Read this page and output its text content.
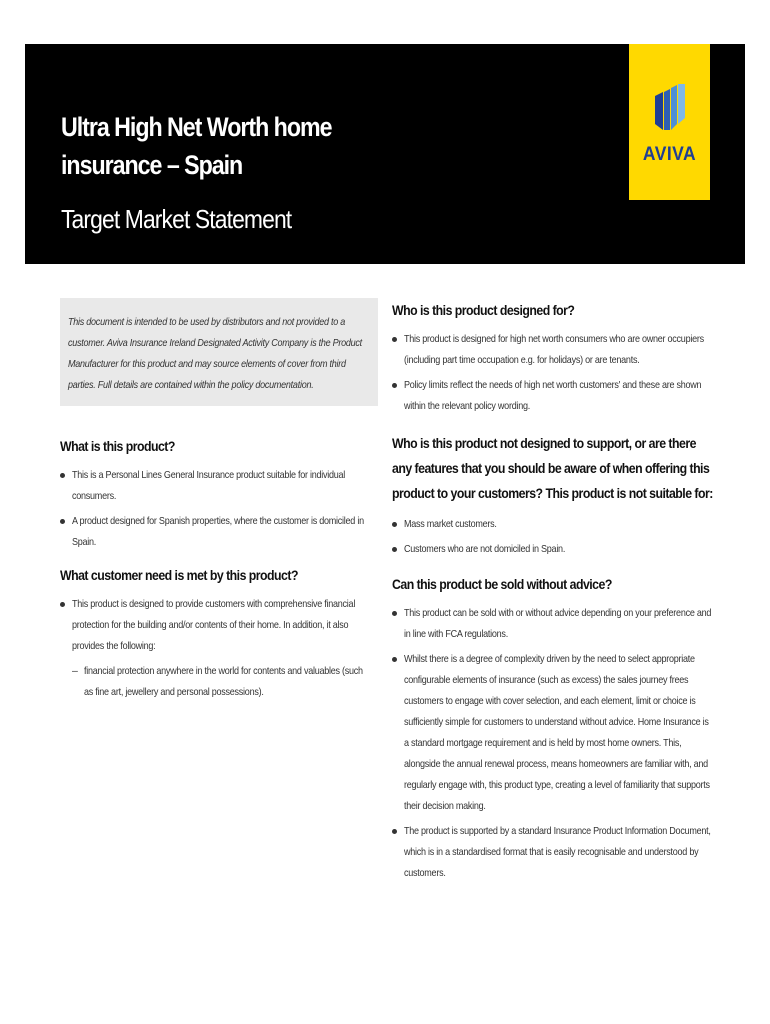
Ultra High Net Worth home insurance – Spain
Target Market Statement
AVIVA

This document is intended to be used by distributors and not provided to a customer. Aviva Insurance Ireland Designated Activity Company is the Product Manufacturer for this product and may source elements of cover from third parties. Full details are contained within the policy documentation.

What is this product?
This is a Personal Lines General Insurance product suitable for individual consumers.
A product designed for Spanish properties, where the customer is domiciled in Spain.
What customer need is met by this product?
This product is designed to provide customers with comprehensive financial protection for the building and/or contents of their home. In addition, it also provides the following:
– financial protection anywhere in the world for contents and valuables (such as fine art, jewellery and personal possessions).
Who is this product designed for?
This product is designed for high net worth consumers who are owner occupiers (including part time occupation e.g. for holidays) or are tenants.
Policy limits reflect the needs of high net worth customers' and these are shown within the relevant policy wording.
Who is this product not designed to support, or are there any features that you should be aware of when offering this product to your customers? This product is not suitable for:
Mass market customers.
Customers who are not domiciled in Spain.
Can this product be sold without advice?
This product can be sold with or without advice depending on your preference and in line with FCA regulations.
Whilst there is a degree of complexity driven by the need to select appropriate configurable elements of insurance (such as excess) the sales journey frees customers to engage with cover selection, and each element, limit or choice is sufficiently simple for customers to understand without advice. Home Insurance is a standard mortgage requirement and is held by most home owners. This, alongside the annual renewal process, means homeowners are familiar with, and regularly engage with, this product type, creating a level of familiarity that supports their decision making.
The product is supported by a standard Insurance Product Information Document, which is in a standardised format that is easily recognisable and understood by customers.
